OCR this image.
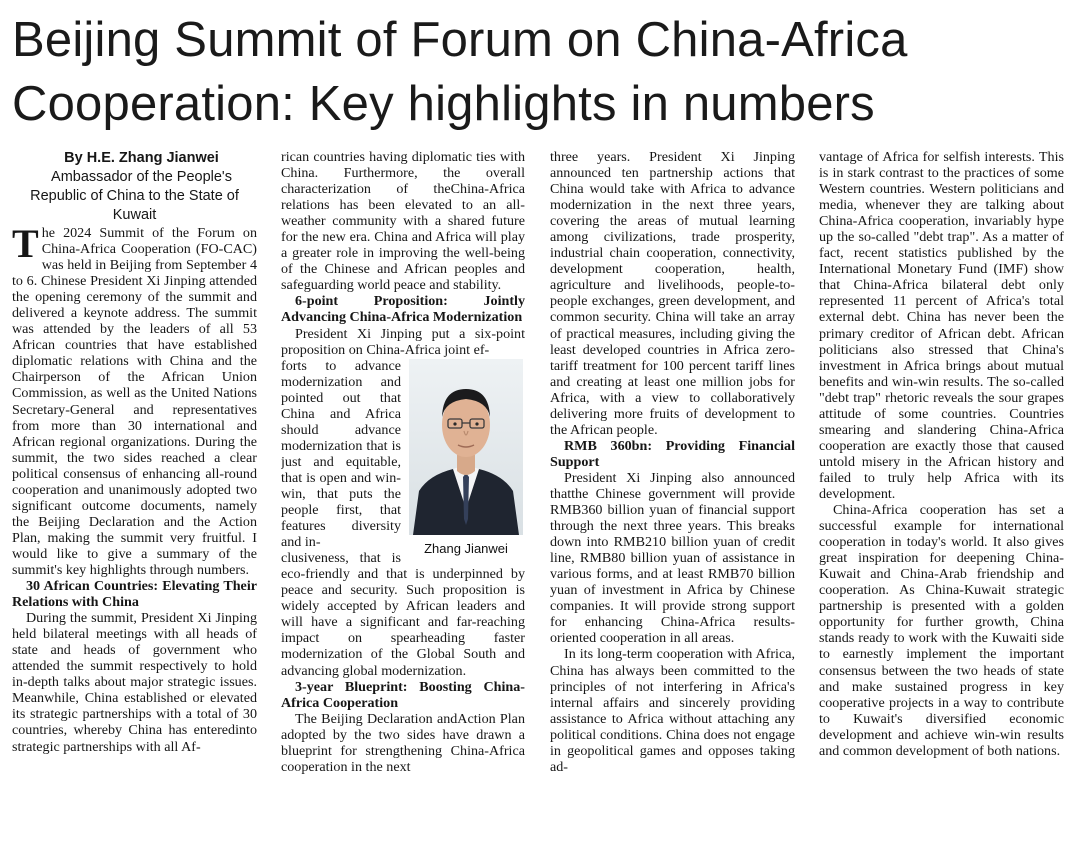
Beijing Summit of Forum on China-Africa
Cooperation: Key highlights in numbers

By H.E. Zhang Jianwei

Ambassador of the People's Republic of China to the State of Kuwait

The 2024 Summit of the Forum on China-Africa Cooperation (FO-CAC) was held in Beijing from September 4 to 6. Chinese President Xi Jinping attended the opening ceremony of the summit and delivered a keynote address. The summit was attended by the leaders of all 53 African countries that have established diplomatic relations with China and the Chairperson of the African Union Commission, as well as the United Nations Secretary-General and representatives from more than 30 international and African regional organizations. During the summit, the two sides reached a clear political consensus of enhancing all-round cooperation and unanimously adopted two significant outcome documents, namely the Beijing Declaration and the Action Plan, making the summit very fruitful. I would like to give a summary of the summit's key highlights through numbers.

30 African Countries: Elevating Their Relations with China

During the summit, President Xi Jinping held bilateral meetings with all heads of state and heads of government who attended the summit respectively to hold in-depth talks about major strategic issues. Meanwhile, China established or elevated its strategic partnerships with a total of 30 countries, whereby China has enteredinto strategic partnerships with all Af-

rican countries having diplomatic ties with China. Furthermore, the overall characterization of theChina-Africa relations has been elevated to an all-weather community with a shared future for the new era. China and Africa will play a greater role in improving the well-being of the Chinese and African peoples and safeguarding world peace and stability.

6-point Proposition: Jointly Advancing China-Africa Modernization

President Xi Jinping put a six-point proposition on China-Africa joint ef-

Zhang Jianwei

forts to advance modernization and pointed out that China and Africa should advance modernization that is just and equitable, that is open and win-win, that puts the people first, that features diversity and in-

clusiveness, that is eco-friendly and that is underpinned by peace and security. Such proposition is widely accepted by African leaders and will have a significant and far-reaching impact on spearheading faster modernization of the Global South and advancing global modernization.

3-year Blueprint: Boosting China-Africa Cooperation

The Beijing Declaration andAction Plan adopted by the two sides have drawn a blueprint for strengthening China-Africa cooperation in the next

three years. President Xi Jinping announced ten partnership actions that China would take with Africa to advance modernization in the next three years, covering the areas of mutual learning among civilizations, trade prosperity, industrial chain cooperation, connectivity, development cooperation, health, agriculture and livelihoods, people-to-people exchanges, green development, and common security. China will take an array of practical measures, including giving the least developed countries in Africa zero-tariff treatment for 100 percent tariff lines and creating at least one million jobs for Africa, with a view to collaboratively delivering more fruits of development to the African people.

RMB 360bn: Providing Financial Support

President Xi Jinping also announced thatthe Chinese government will provide RMB360 billion yuan of financial support through the next three years. This breaks down into RMB210 billion yuan of credit line, RMB80 billion yuan of assistance in various forms, and at least RMB70 billion yuan of investment in Africa by Chinese companies. It will provide strong support for enhancing China-Africa results-oriented cooperation in all areas.

In its long-term cooperation with Africa, China has always been committed to the principles of not interfering in Africa's internal affairs and sincerely providing assistance to Africa without attaching any political conditions. China does not engage in geopolitical games and opposes taking ad-

vantage of Africa for selfish interests. This is in stark contrast to the practices of some Western countries. Western politicians and media, whenever they are talking about China-Africa cooperation, invariably hype up the so-called "debt trap". As a matter of fact, recent statistics published by the International Monetary Fund (IMF) show that China-Africa bilateral debt only represented 11 percent of Africa's total external debt. China has never been the primary creditor of African debt. African politicians also stressed that China's investment in Africa brings about mutual benefits and win-win results. The so-called "debt trap" rhetoric reveals the sour grapes attitude of some countries. Countries smearing and slandering China-Africa cooperation are exactly those that caused untold misery in the African history and failed to truly help Africa with its development.

China-Africa cooperation has set a successful example for international cooperation in today's world. It also gives great inspiration for deepening China-Kuwait and China-Arab friendship and cooperation. As China-Kuwait strategic partnership is presented with a golden opportunity for further growth, China stands ready to work with the Kuwaiti side to earnestly implement the important consensus between the two heads of state and make sustained progress in key cooperative projects in a way to contribute to Kuwait's diversified economic development and achieve win-win results and common development of both nations.
